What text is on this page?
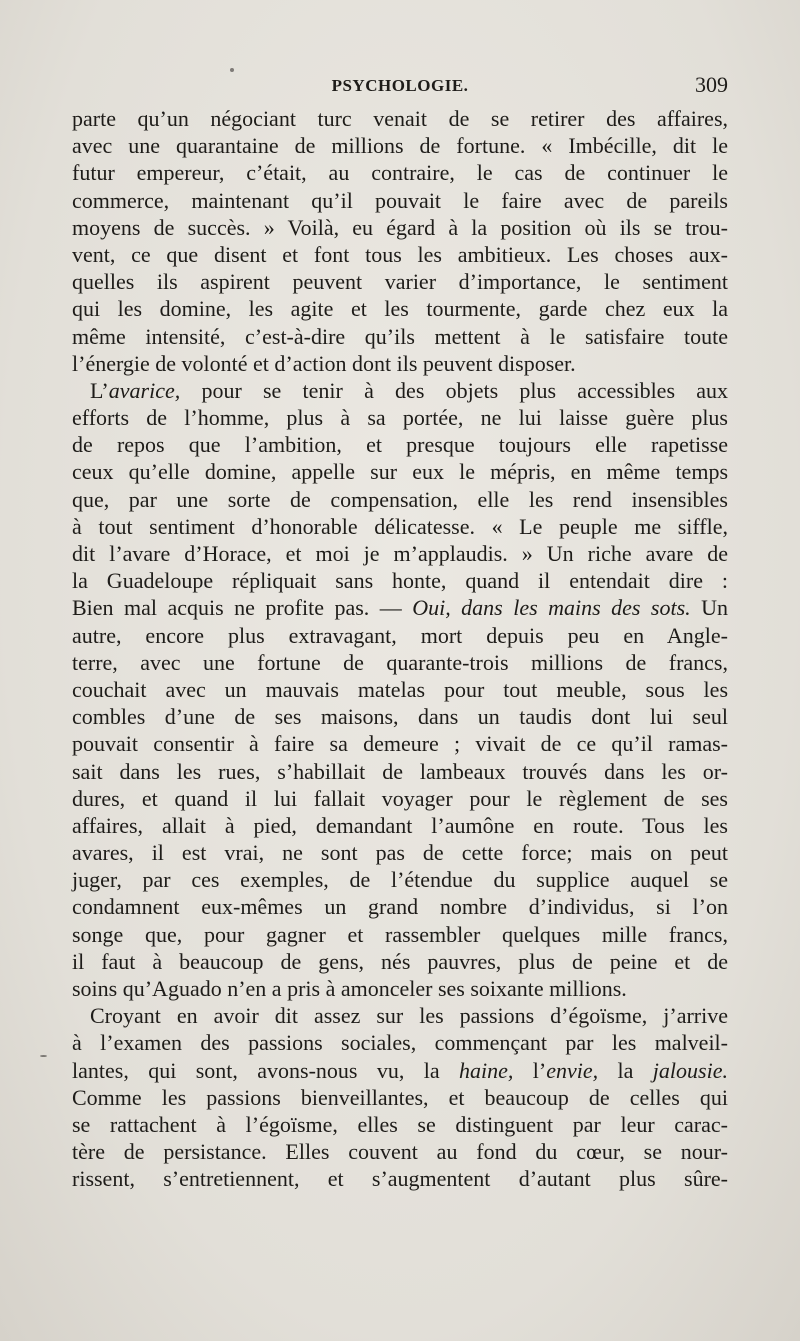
PSYCHOLOGIE.	309
parte qu’un négociant turc venait de se retirer des affaires,
avec une quarantaine de millions de fortune. « Imbécille, dit le
futur empereur, c’était, au contraire, le cas de continuer le
commerce, maintenant qu’il pouvait le faire avec de pareils
moyens de succès. » Voilà, eu égard à la position où ils se trou-
vent, ce que disent et font tous les ambitieux. Les choses aux-
quelles ils aspirent peuvent varier d’importance, le sentiment
qui les domine, les agite et les tourmente, garde chez eux la
même intensité, c’est-à-dire qu’ils mettent à le satisfaire toute
l’énergie de volonté et d’action dont ils peuvent disposer.
L’avarice, pour se tenir à des objets plus accessibles aux
efforts de l’homme, plus à sa portée, ne lui laisse guère plus
de repos que l’ambition, et presque toujours elle rapetisse
ceux qu’elle domine, appelle sur eux le mépris, en même temps
que, par une sorte de compensation, elle les rend insensibles
à tout sentiment d’honorable délicatesse. « Le peuple me siffle,
dit l’avare d’Horace, et moi je m’applaudis. » Un riche avare de
la Guadeloupe répliquait sans honte, quand il entendait dire :
Bien mal acquis ne profite pas. — Oui, dans les mains des sots. Un
autre, encore plus extravagant, mort depuis peu en Angle-
terre, avec une fortune de quarante-trois millions de francs,
couchait avec un mauvais matelas pour tout meuble, sous les
combles d’une de ses maisons, dans un taudis dont lui seul
pouvait consentir à faire sa demeure ; vivait de ce qu’il ramas-
sait dans les rues, s’habillait de lambeaux trouvés dans les or-
dures, et quand il lui fallait voyager pour le règlement de ses
affaires, allait à pied, demandant l’aumône en route. Tous les
avares, il est vrai, ne sont pas de cette force; mais on peut
juger, par ces exemples, de l’étendue du supplice auquel se
condamnent eux-mêmes un grand nombre d’individus, si l’on
songe que, pour gagner et rassembler quelques mille francs,
il faut à beaucoup de gens, nés pauvres, plus de peine et de
soins qu’Aguado n’en a pris à amonceler ses soixante millions.
Croyant en avoir dit assez sur les passions d’égoïsme, j’arrive
à l’examen des passions sociales, commençant par les malveil-
lantes, qui sont, avons-nous vu, la haine, l’envie, la jalousie.
Comme les passions bienveillantes, et beaucoup de celles qui
se rattachent à l’égoïsme, elles se distinguent par leur carac-
tère de persistance. Elles couvent au fond du cœur, se nour-
rissent, s’entretiennent, et s’augmentent d’autant plus sûre-
